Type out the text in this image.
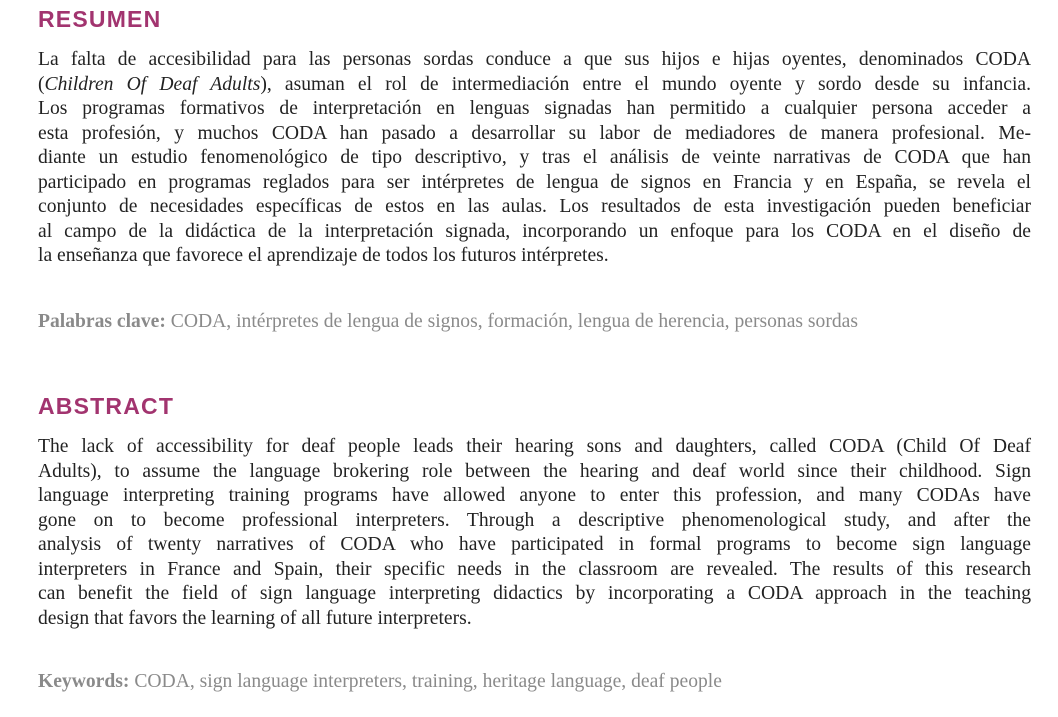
RESUMEN
La falta de accesibilidad para las personas sordas conduce a que sus hijos e hijas oyentes, denominados CODA
(Children Of Deaf Adults), asuman el rol de intermediación entre el mundo oyente y sordo desde su infancia.
Los programas formativos de interpretación en lenguas signadas han permitido a cualquier persona acceder a
esta profesión, y muchos CODA han pasado a desarrollar su labor de mediadores de manera profesional. Me-
diante un estudio fenomenológico de tipo descriptivo, y tras el análisis de veinte narrativas de CODA que han
participado en programas reglados para ser intérpretes de lengua de signos en Francia y en España, se revela el
conjunto de necesidades específicas de estos en las aulas. Los resultados de esta investigación pueden beneficiar
al campo de la didáctica de la interpretación signada, incorporando un enfoque para los CODA en el diseño de
la enseñanza que favorece el aprendizaje de todos los futuros intérpretes.

Palabras clave: CODA, intérpretes de lengua de signos, formación, lengua de herencia, personas sordas

ABSTRACT
The lack of accessibility for deaf people leads their hearing sons and daughters, called CODA (Child Of Deaf
Adults), to assume the language brokering role between the hearing and deaf world since their childhood. Sign
language interpreting training programs have allowed anyone to enter this profession, and many CODAs have
gone on to become professional interpreters. Through a descriptive phenomenological study, and after the
analysis of twenty narratives of CODA who have participated in formal programs to become sign language
interpreters in France and Spain, their specific needs in the classroom are revealed. The results of this research
can benefit the field of sign language interpreting didactics by incorporating a CODA approach in the teaching
design that favors the learning of all future interpreters.

Keywords: CODA, sign language interpreters, training, heritage language, deaf people
